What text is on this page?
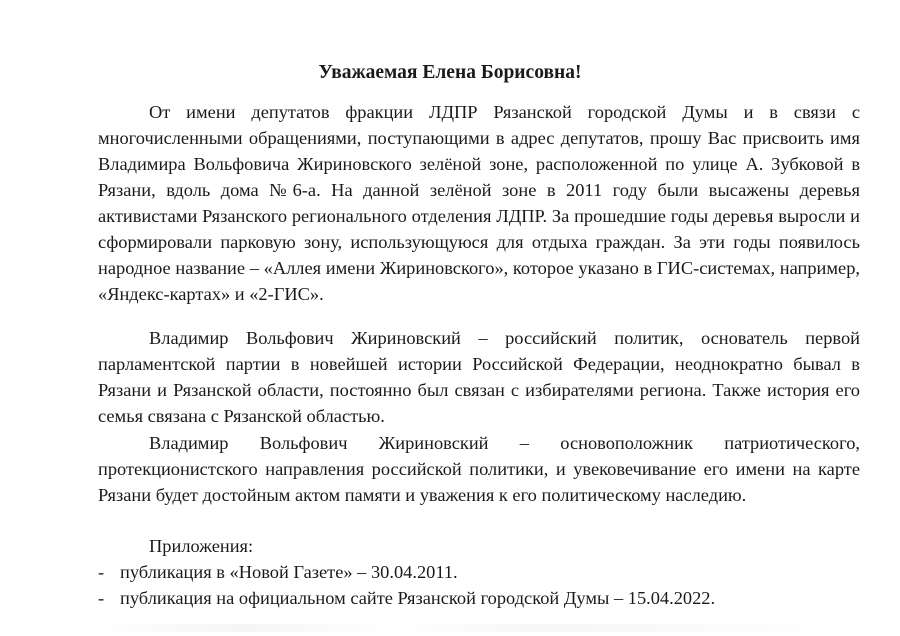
Уважаемая Елена Борисовна!
От имени депутатов фракции ЛДПР Рязанской городской Думы и в связи с многочисленными обращениями, поступающими в адрес депутатов, прошу Вас присвоить имя Владимира Вольфовича Жириновского зелёной зоне, расположенной по улице А. Зубковой в Рязани, вдоль дома №6-а. На данной зелёной зоне в 2011 году были высажены деревья активистами Рязанского регионального отделения ЛДПР. За прошедшие годы деревья выросли и сформировали парковую зону, использующуюся для отдыха граждан. За эти годы появилось народное название – «Аллея имени Жириновского», которое указано в ГИС-системах, например, «Яндекс-картах» и «2-ГИС».
Владимир Вольфович Жириновский – российский политик, основатель первой парламентской партии в новейшей истории Российской Федерации, неоднократно бывал в Рязани и Рязанской области, постоянно был связан с избирателями региона. Также история его семья связана с Рязанской областью.
Владимир Вольфович Жириновский – основоположник патриотического, протекционистского направления российской политики, и увековечивание его имени на карте Рязани будет достойным актом памяти и уважения к его политическому наследию.
Приложения:
- публикация в «Новой Газете» – 30.04.2011.
- публикация на официальном сайте Рязанской городской Думы – 15.04.2022.
